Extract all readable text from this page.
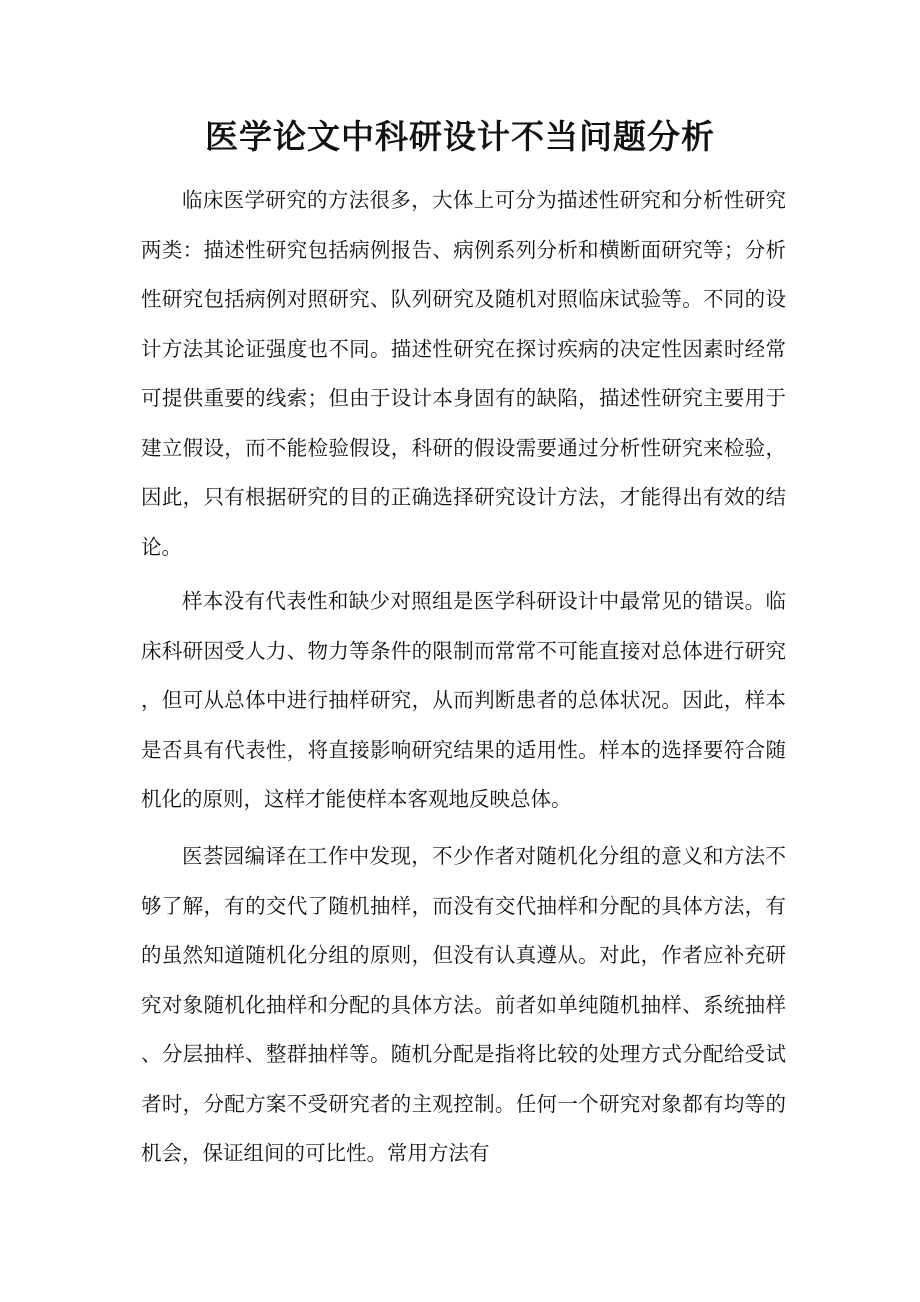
医学论文中科研设计不当问题分析

临床医学研究的方法很多，大体上可分为描述性研究和分析性研究两类：描述性研究包括病例报告、病例系列分析和横断面研究等；分析性研究包括病例对照研究、队列研究及随机对照临床试验等。不同的设计方法其论证强度也不同。描述性研究在探讨疾病的决定性因素时经常可提供重要的线索；但由于设计本身固有的缺陷，描述性研究主要用于建立假设，而不能检验假设，科研的假设需要通过分析性研究来检验，因此，只有根据研究的目的正确选择研究设计方法，才能得出有效的结论。

样本没有代表性和缺少对照组是医学科研设计中最常见的错误。临床科研因受人力、物力等条件的限制而常常不可能直接对总体进行研究，但可从总体中进行抽样研究，从而判断患者的总体状况。因此，样本是否具有代表性，将直接影响研究结果的适用性。样本的选择要符合随机化的原则，这样才能使样本客观地反映总体。

医荟园编译在工作中发现，不少作者对随机化分组的意义和方法不够了解，有的交代了随机抽样，而没有交代抽样和分配的具体方法，有的虽然知道随机化分组的原则，但没有认真遵从。对此，作者应补充研究对象随机化抽样和分配的具体方法。前者如单纯随机抽样、系统抽样、分层抽样、整群抽样等。随机分配是指将比较的处理方式分配给受试者时，分配方案不受研究者的主观控制。任何一个研究对象都有均等的机会，保证组间的可比性。常用方法有
